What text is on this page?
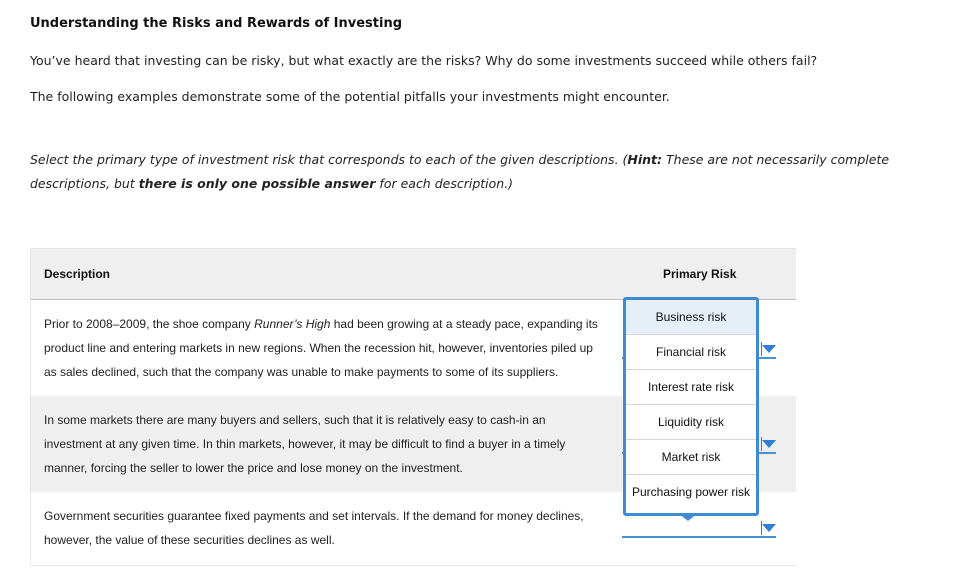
Understanding the Risks and Rewards of Investing
You’ve heard that investing can be risky, but what exactly are the risks? Why do some investments succeed while others fail?
The following examples demonstrate some of the potential pitfalls your investments might encounter.
Select the primary type of investment risk that corresponds to each of the given descriptions. (Hint: These are not necessarily complete descriptions, but there is only one possible answer for each description.)
Description	Primary Risk
Prior to 2008–2009, the shoe company Runner’s High had been growing at a steady pace, expanding its product line and entering markets in new regions. When the recession hit, however, inventories piled up as sales declined, such that the company was unable to make payments to some of its suppliers.
In some markets there are many buyers and sellers, such that it is relatively easy to cash-in an investment at any given time. In thin markets, however, it may be difficult to find a buyer in a timely manner, forcing the seller to lower the price and lose money on the investment.
Government securities guarantee fixed payments and set intervals. If the demand for money declines, however, the value of these securities declines as well.
Business risk
Financial risk
Interest rate risk
Liquidity risk
Market risk
Purchasing power risk
